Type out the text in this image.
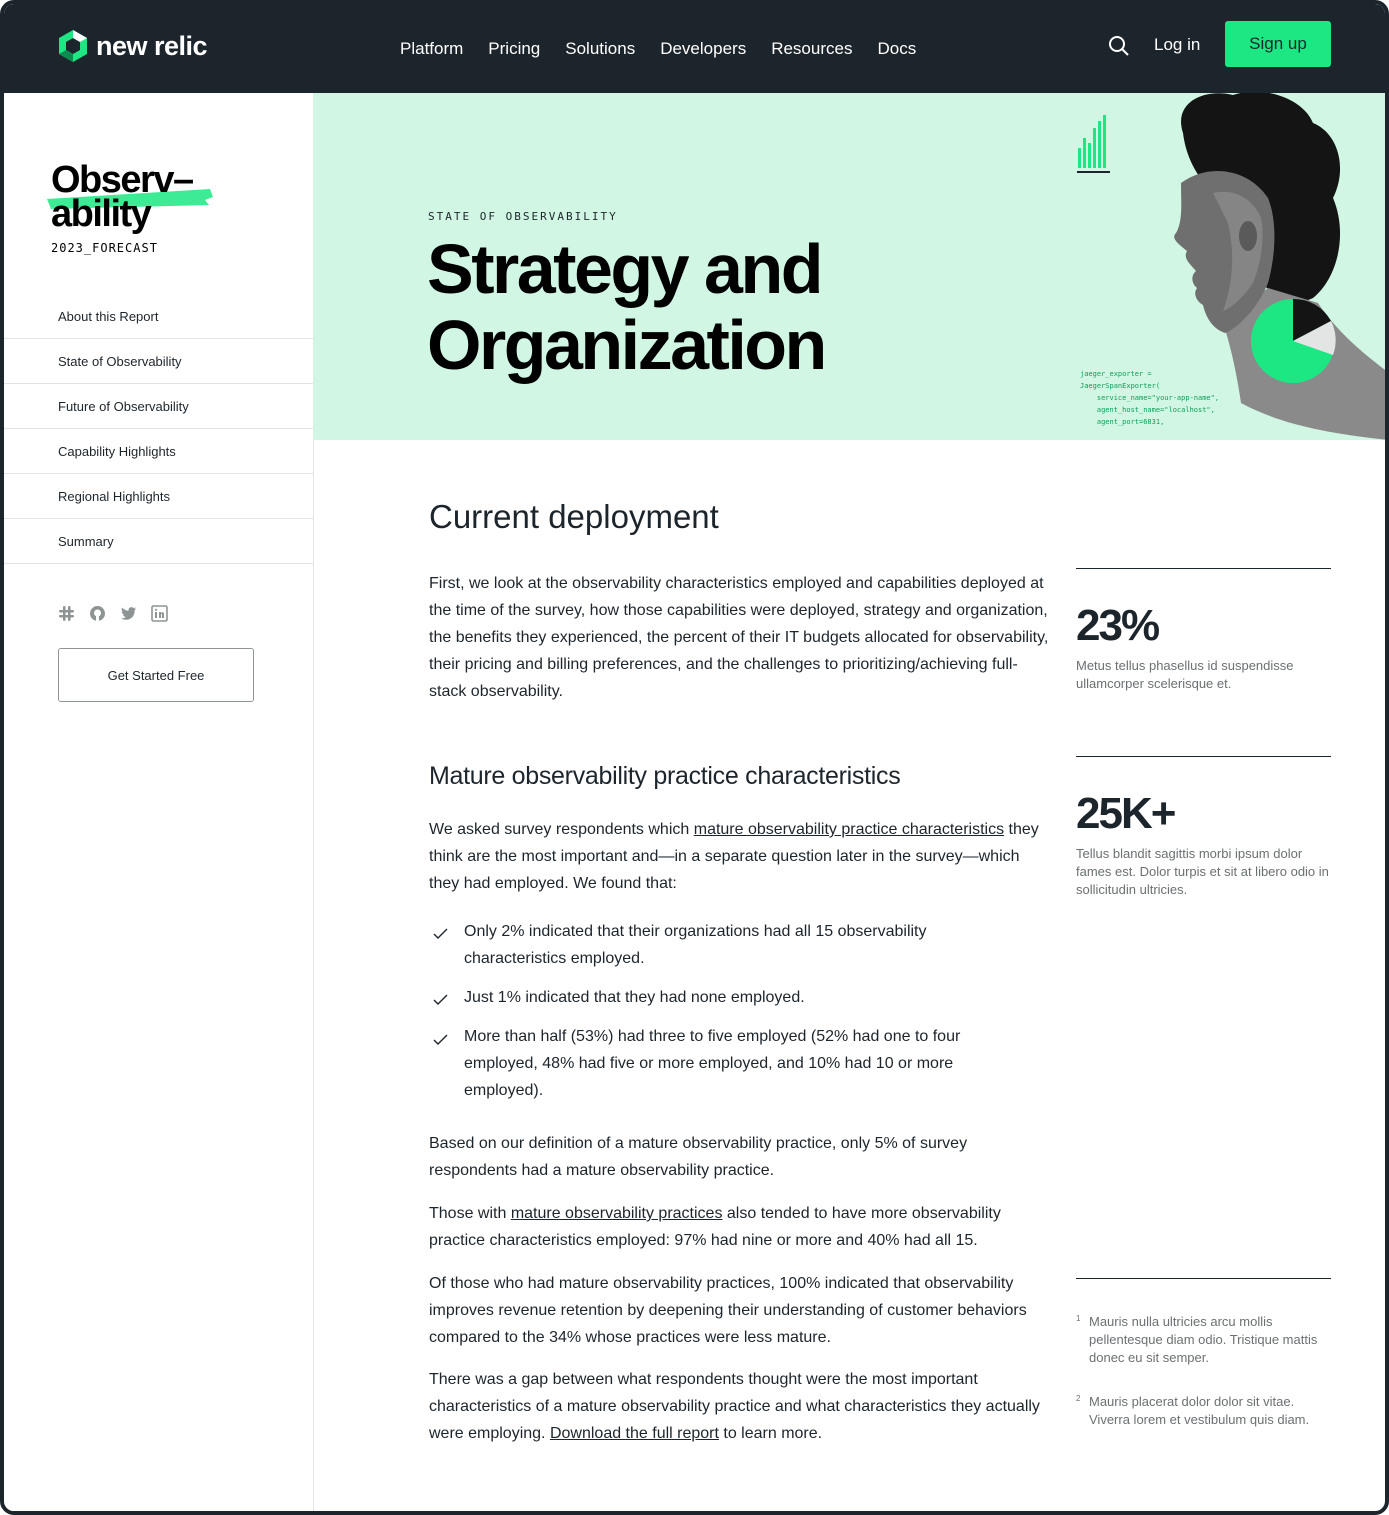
new relic	Platform Pricing Solutions Developers Resources Docs	Log in	Sign up
Observ–
ability
2023_FORECAST
About this Report
State of Observability
Future of Observability
Capability Highlights
Regional Highlights
Summary
Get Started Free
STATE OF OBSERVABILITY
Strategy and
Organization	jaeger_exporter =
JaegerSpanExporter(
service_name="your-app-name",
agent_host_name="localhost",
agent_port=6831,
Current deployment

First, we look at the observability characteristics employed and capabilities deployed at the time of the survey, how those capabilities were deployed, strategy and organization, the benefits they experienced, the percent of their IT budgets allocated for observability, their pricing and billing preferences, and the challenges to prioritizing/achieving full-stack observability.

Mature observability practice characteristics

We asked survey respondents which mature observability practice characteristics they think are the most important and—in a separate question later in the survey—which they had employed. We found that:

Only 2% indicated that their organizations had all 15 observability characteristics employed.
Just 1% indicated that they had none employed.
More than half (53%) had three to five employed (52% had one to four employed, 48% had five or more employed, and 10% had 10 or more employed).

Based on our definition of a mature observability practice, only 5% of survey respondents had a mature observability practice.

Those with mature observability practices also tended to have more observability practice characteristics employed: 97% had nine or more and 40% had all 15.

Of those who had mature observability practices, 100% indicated that observability improves revenue retention by deepening their understanding of customer behaviors compared to the 34% whose practices were less mature.

There was a gap between what respondents thought were the most important characteristics of a mature observability practice and what characteristics they actually were employing. Download the full report to learn more.

23%
Metus tellus phasellus id suspendisse ullamcorper scelerisque et.
25K+
Tellus blandit sagittis morbi ipsum dolor fames est. Dolor turpis et sit at libero odio in sollicitudin ultricies.
1 Mauris nulla ultricies arcu mollis pellentesque diam odio. Tristique mattis donec eu sit semper.
2 Mauris placerat dolor dolor sit vitae. Viverra lorem et vestibulum quis diam.
